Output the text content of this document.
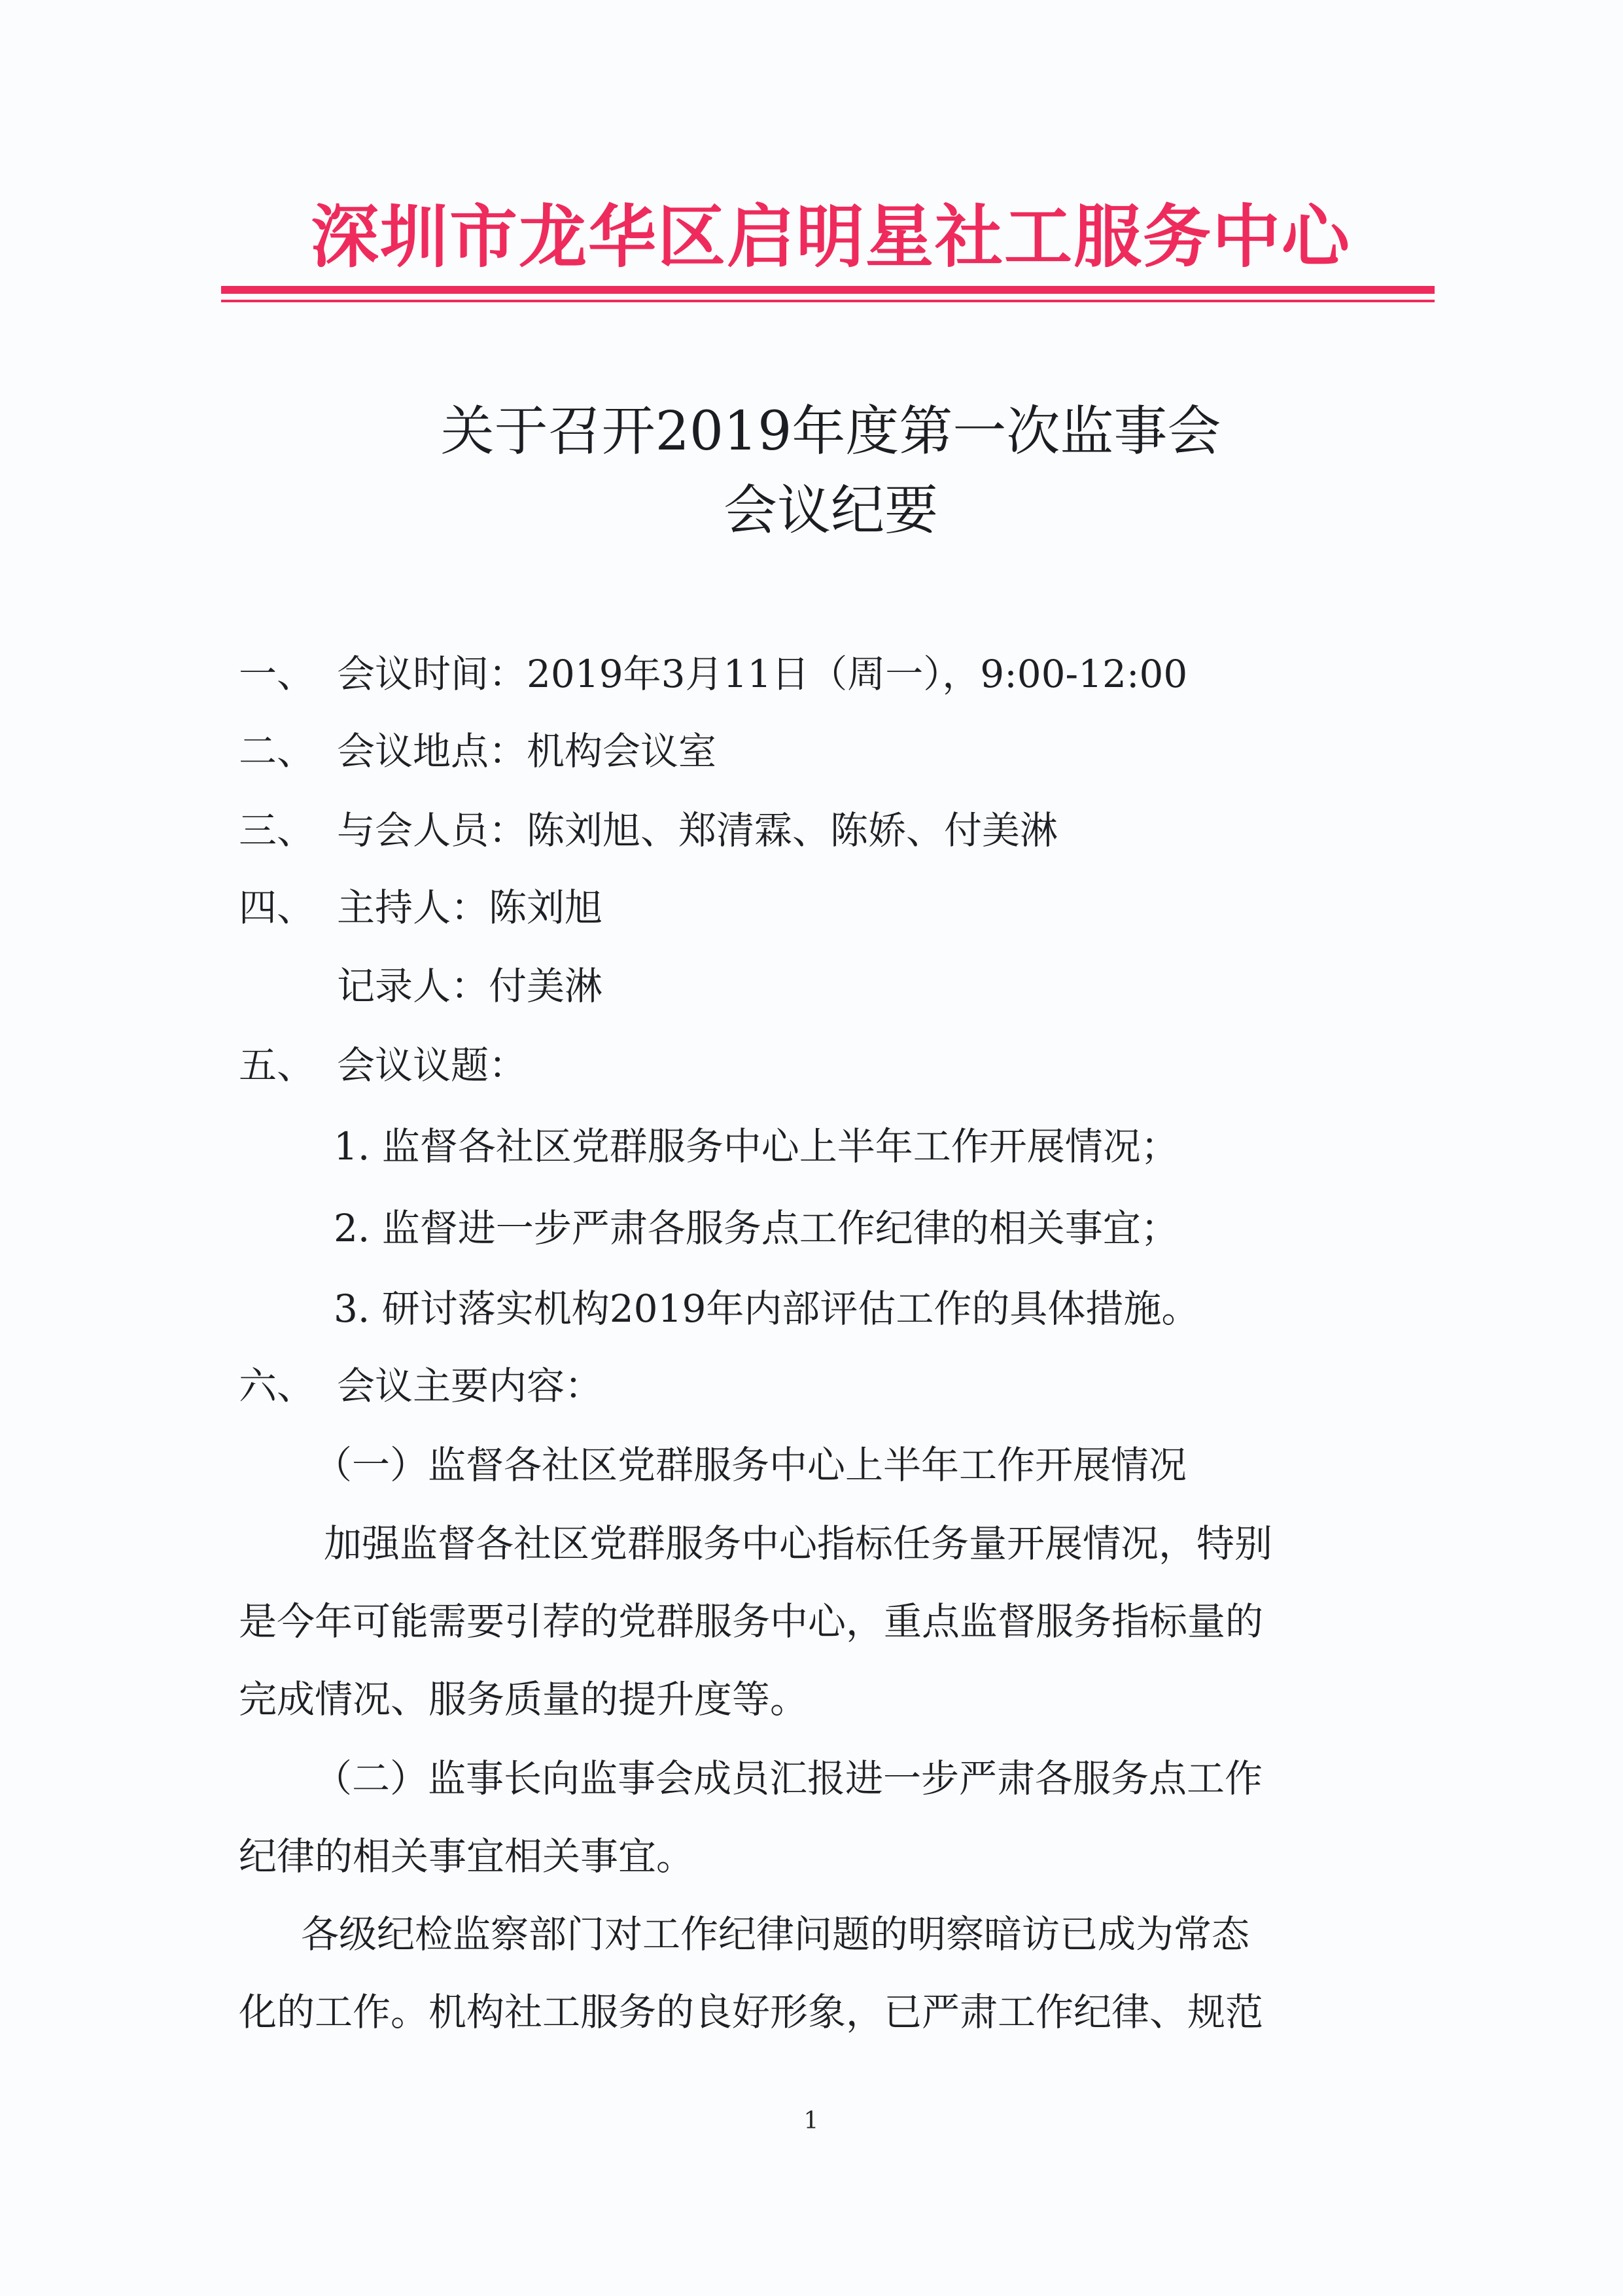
深圳市龙华区启明星社工服务中心
关于召开2019年度第一次监事会
会议纪要
一、 会议时间：2019年3月11日（周一），9:00-12:00
二、 会议地点：机构会议室
三、 与会人员：陈刘旭、郑清霖、陈娇、付美淋
四、 主持人：陈刘旭
记录人：付美淋
五、 会议议题：
1. 监督各社区党群服务中心上半年工作开展情况；
2. 监督进一步严肃各服务点工作纪律的相关事宜；
3. 研讨落实机构2019年内部评估工作的具体措施。
六、 会议主要内容：
（一）监督各社区党群服务中心上半年工作开展情况
加强监督各社区党群服务中心指标任务量开展情况，特别
是今年可能需要引荐的党群服务中心，重点监督服务指标量的
完成情况、服务质量的提升度等。
（二）监事长向监事会成员汇报进一步严肃各服务点工作
纪律的相关事宜相关事宜。
各级纪检监察部门对工作纪律问题的明察暗访已成为常态
化的工作。机构社工服务的良好形象，已严肃工作纪律、规范
1
